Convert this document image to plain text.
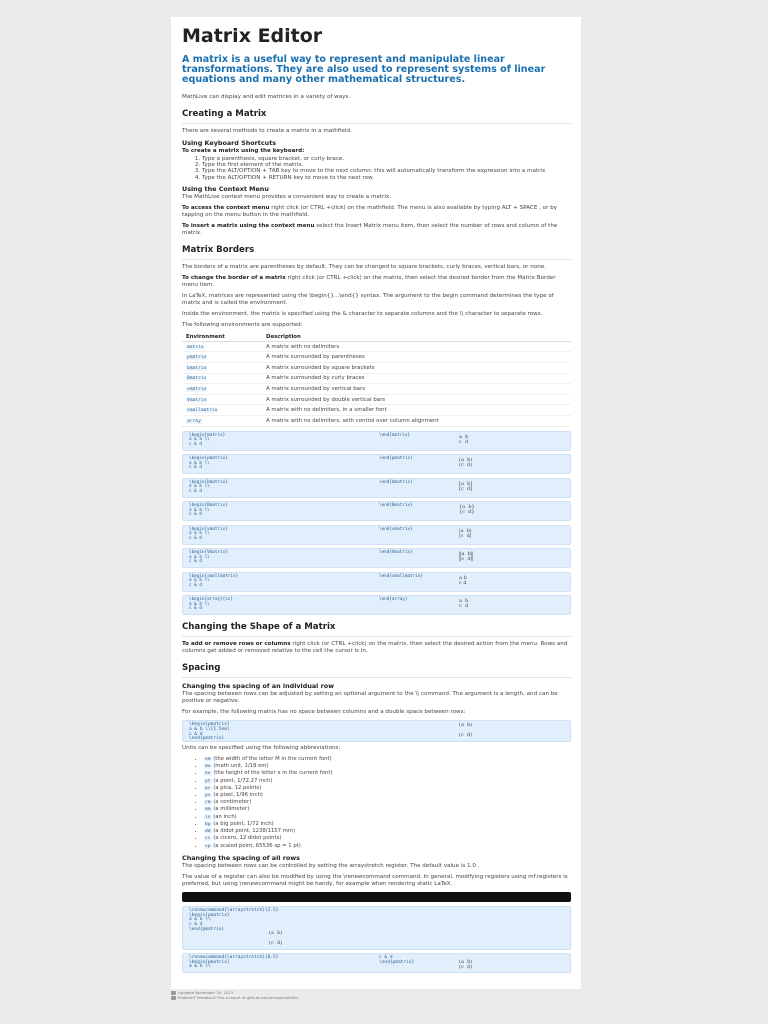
Matrix Editor
A matrix is a useful way to represent and manipulate linear transformations. They are also used to represent systems of linear equations and many other mathematical structures.

MathLive can display and edit matrices in a variety of ways.

Creating a Matrix

There are several methods to create a matrix in a mathfield.

Using Keyboard Shortcuts

To create a matrix using the keyboard:

1. Type a parenthesis, square bracket, or curly brace.
2. Type the first element of the matrix.
3. Type the ALT/OPTION + TAB key to move to the next column: this will automatically transform the expression into a matrix
4. Type the ALT/OPTION + RETURN key to move to the next row.
Using the Context Menu

The MathLive context menu provides a convenient way to create a matrix.

To access the context menu right click (or CTRL +click) on the mathfield. The menu is also available by typing ALT + SPACE , or by tapping on the menu button in the mathfield.

To insert a matrix using the context menu select the Insert Matrix menu item, then select the number of rows and column of the matrix.

Matrix Borders

The borders of a matrix are parentheses by default. They can be changed to square brackets, curly braces, vertical bars, or none.

To change the border of a matrix right click (or CTRL +click) on the matrix, then select the desired border from the Matrix Border menu item.

In LaTeX, matrices are represented using the \begin{}...\end{} syntax. The argument to the begin command determines the type of matrix and is called the environment.

Inside the environment, the matrix is specified using the & character to separate columns and the \\ character to separate rows.

The following environments are supported:

Environment	Description
matrix	A matrix with no delimiters
pmatrix	A matrix surrounded by parentheses
bmatrix	A matrix surrounded by square brackets
Bmatrix	A matrix surrounded by curly braces
vmatrix	A matrix surrounded by vertical bars
Vmatrix	A matrix surrounded by double vertical bars
smallmatrix	A matrix with no delimiters, in a smaller font
array	A matrix with no delimiters, with control over column alignment
\begin{matrix}
a & b \\
c & d
\end{matrix}	a  b
c  d
\begin{pmatrix}
a & b \\
c & d
\end{pmatrix}	(a  b)
(c  d)
\begin{bmatrix}
a & b \\
c & d
\end{bmatrix}	[a  b]
[c  d]
\begin{Bmatrix}
a & b \\
c & d
\end{Bmatrix}	{a  b}
{c  d}
\begin{vmatrix}
a & b \\
c & d
\end{vmatrix}	|a  b|
|c  d|
\begin{Vmatrix}
a & b \\
c & d
\end{Vmatrix}	‖a  b‖
‖c  d‖
\begin{smallmatrix}
a & b \\
c & d
\end{smallmatrix}	a b
c d
\begin{array}{cc}
a & b \\
c & d
\end{array}	a  b
c  d
Changing the Shape of a Matrix

To add or remove rows or columns right click (or CTRL +click) on the matrix, then select the desired action from the menu. Rows and columns get added or removed relative to the cell the cursor is in.

Spacing
Changing the spacing of an individual row

The spacing between rows can be adjusted by setting an optional argument to the \\ command. The argument is a length, and can be positive or negative.

For example, the following matrix has no space between columns and a double space between rows:

\begin{pmatrix}
a & b \\[1.5em]
c & d
\end{pmatrix}
(a  b)

(c  d)

Units can be specified using the following abbreviations:

• em (the width of the letter M in the current font)
• mu (math unit, 1/18 em)
• ex (the height of the letter x in the current font)
• pt (a point, 1/72.27 inch)
• pc (a pica, 12 points)
• px (a pixel, 1/96 inch)
• cm (a centimeter)
• mm (a millimeter)
• in (an inch)
• bp (a big point, 1/72 inch)
• dd (a didot point, 1238/1157 mm)
• cc (a cicero, 12 didot points)
• sp (a scaled point, 65536 sp = 1 pt)
Changing the spacing of all rows

The spacing between rows can be controlled by setting the arraystretch register. The default value is 1.0 .

The value of a register can also be modified by using the \renewcommand command. In general, modifying registers using mf.registers is preferred, but using \renewcommand might be handy, for example when rendering static LaTeX.

\renewcommand{\arraystretch}{2.5}
\begin{pmatrix}
a & b \\
c & d
\end{pmatrix}
(a  b)

(c  d)
\renewcommand{\arraystretch}{0.5}
\begin{pmatrix}
a & b \\
c & d
\end{pmatrix}	(a  b)
(c  d)
Updated November 30, 2023
Problem? Feedback? File a report at github.com/arnog/mathlive
